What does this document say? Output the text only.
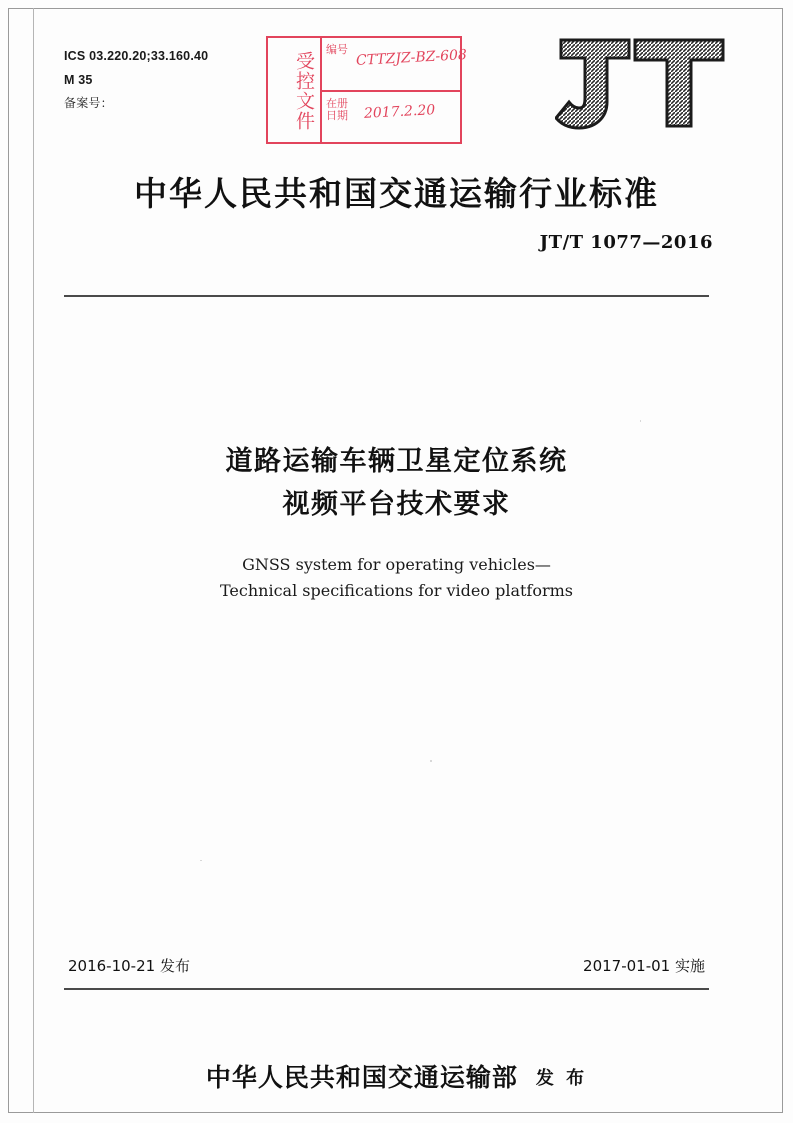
ICS 03.220.20;33.160.40
M 35
备案号：	受控文件
编号
在册日期
CTTZJZ-BZ-608
2017.2.20
中华人民共和国交通运输行业标准
JT/T 1077—2016
道路运输车辆卫星定位系统
视频平台技术要求
GNSS system for operating vehicles—
Technical specifications for video platforms
2016-10-21 发布	2017-01-01 实施
中华人民共和国交通运输部 发 布
